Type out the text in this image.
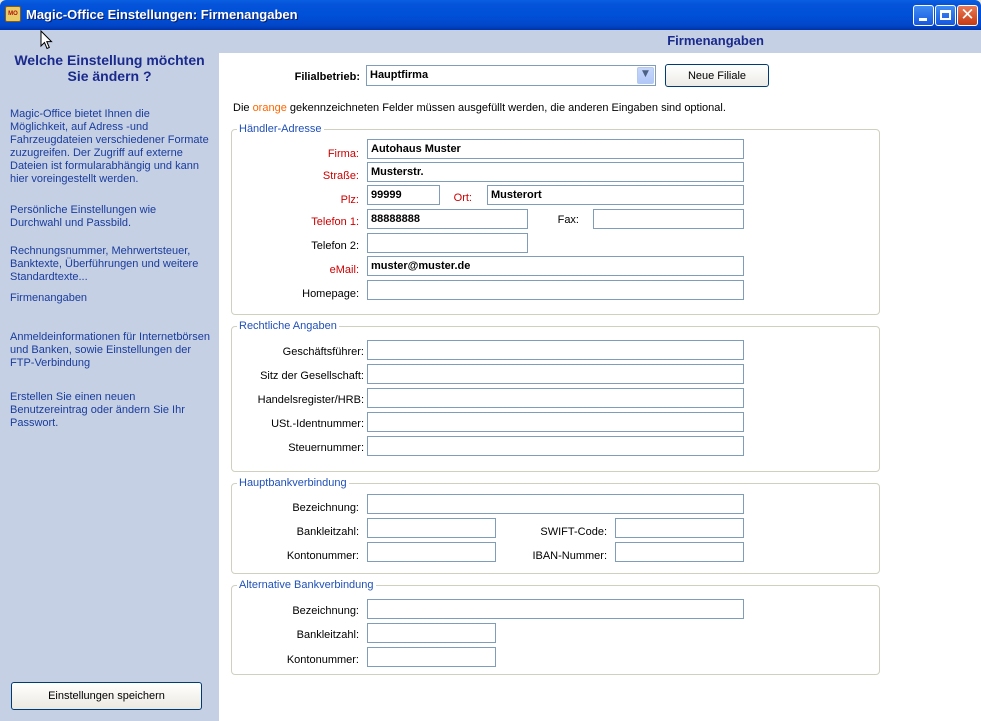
MO Magic-Office Einstellungen: Firmenangaben	✕
Welche Einstellung möchten
Sie ändern ?
Magic-Office bietet Ihnen die Möglichkeit, auf Adress -und Fahrzeugdateien verschiedener Formate zuzugreifen. Der Zugriff auf externe Dateien ist formularabhängig und kann hier voreingestellt werden.
Persönliche Einstellungen wie Durchwahl und Passbild.
Rechnungsnummer, Mehrwertsteuer, Banktexte, Überführungen und weitere Standardtexte...
Firmenangaben
Anmeldeinformationen für Internetbörsen und Banken, sowie Einstellungen der FTP-Verbindung
Erstellen Sie einen neuen Benutzereintrag oder ändern Sie Ihr Passwort.
Einstellungen speichern
Firmenangaben
Filialbetrieb: Hauptfirma	▼	Neue Filiale
Die orange gekennzeichneten Felder müssen ausgefüllt werden, die anderen Eingaben sind optional.
Händler-Adresse
Firma:
Autohaus Muster
Straße:
Musterstr.
Plz:
99999	Ort:
Musterort
Telefon 1:
88888888	Fax:
Telefon 2:
eMail:
muster@muster.de
Homepage:
Rechtliche Angaben
Geschäftsführer:
Sitz der Gesellschaft:
Handelsregister/HRB:
USt.-Identnummer:
Steuernummer:
Hauptbankverbindung
Bezeichnung:
Bankleitzahl:	SWIFT-Code:
Kontonummer:	IBAN-Nummer:
Alternative Bankverbindung
Bezeichnung:
Bankleitzahl:
Kontonummer:
